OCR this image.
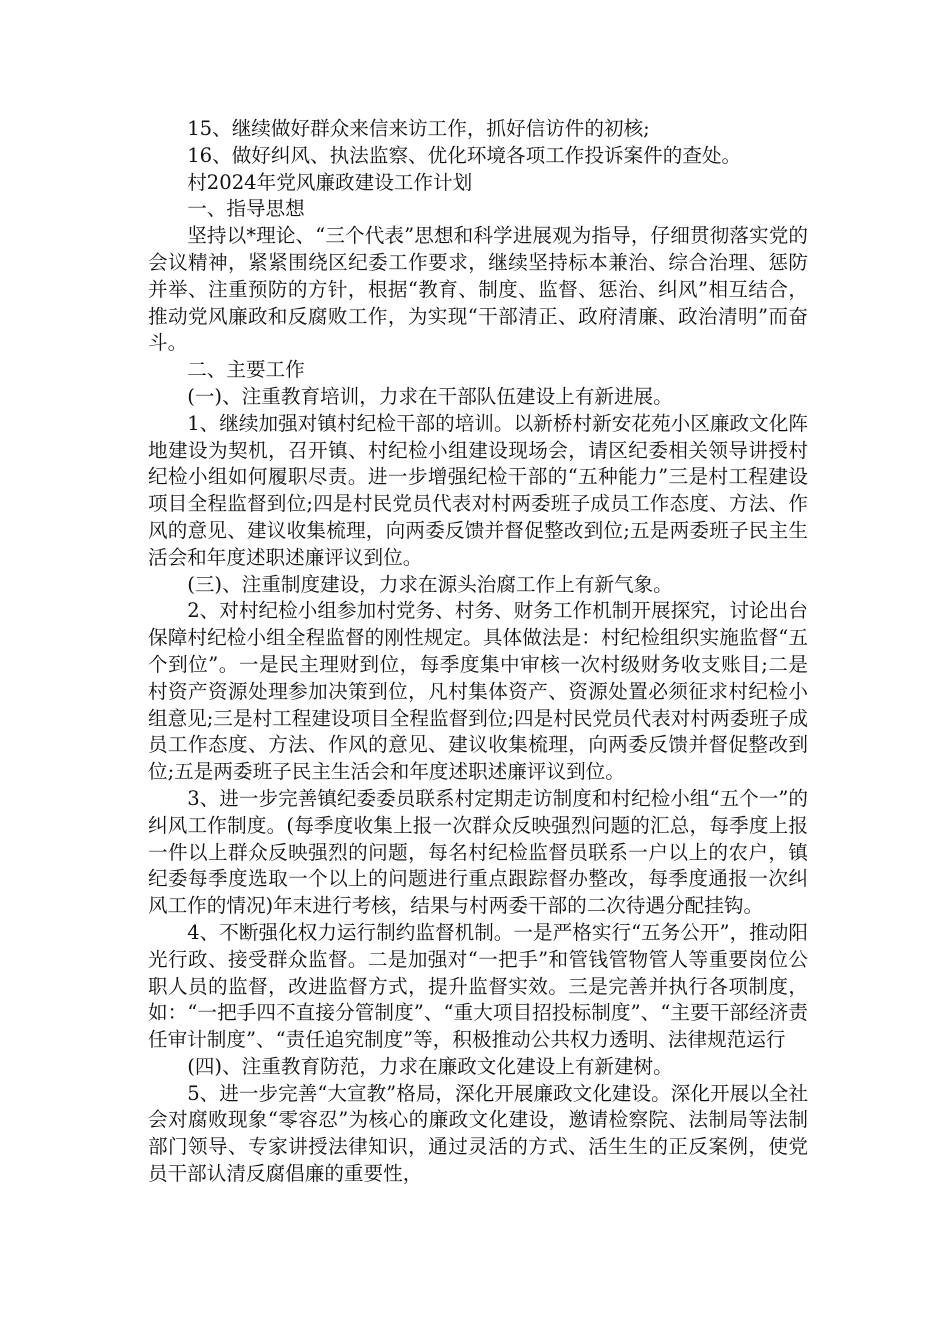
15、继续做好群众来信来访工作，抓好信访件的初核;

16、做好纠风、执法监察、优化环境各项工作投诉案件的查处。

村2024年党风廉政建设工作计划

一、指导思想

坚持以*理论、“三个代表”思想和科学进展观为指导，仔细贯彻落实党的会议精神，紧紧围绕区纪委工作要求，继续坚持标本兼治、综合治理、惩防并举、注重预防的方针，根据“教育、制度、监督、惩治、纠风”相互结合，推动党风廉政和反腐败工作，为实现“干部清正、政府清廉、政治清明”而奋斗。

二、主要工作

(一)、注重教育培训，力求在干部队伍建设上有新进展。

1、继续加强对镇村纪检干部的培训。以新桥村新安花苑小区廉政文化阵地建设为契机，召开镇、村纪检小组建设现场会，请区纪委相关领导讲授村纪检小组如何履职尽责。进一步增强纪检干部的“五种能力”三是村工程建设项目全程监督到位;四是村民党员代表对村两委班子成员工作态度、方法、作风的意见、建议收集梳理，向两委反馈并督促整改到位;五是两委班子民主生活会和年度述职述廉评议到位。

(三)、注重制度建设，力求在源头治腐工作上有新气象。

2、对村纪检小组参加村党务、村务、财务工作机制开展探究，讨论出台保障村纪检小组全程监督的刚性规定。具体做法是：村纪检组织实施监督“五个到位”。一是民主理财到位，每季度集中审核一次村级财务收支账目;二是村资产资源处理参加决策到位，凡村集体资产、资源处置必须征求村纪检小组意见;三是村工程建设项目全程监督到位;四是村民党员代表对村两委班子成员工作态度、方法、作风的意见、建议收集梳理，向两委反馈并督促整改到位;五是两委班子民主生活会和年度述职述廉评议到位。

3、进一步完善镇纪委委员联系村定期走访制度和村纪检小组“五个一”的纠风工作制度。(每季度收集上报一次群众反映强烈问题的汇总，每季度上报一件以上群众反映强烈的问题，每名村纪检监督员联系一户以上的农户，镇纪委每季度选取一个以上的问题进行重点跟踪督办整改，每季度通报一次纠风工作的情况)年末进行考核，结果与村两委干部的二次待遇分配挂钩。

4、不断强化权力运行制约监督机制。一是严格实行“五务公开”，推动阳光行政、接受群众监督。二是加强对“一把手”和管钱管物管人等重要岗位公职人员的监督，改进监督方式，提升监督实效。三是完善并执行各项制度，如：“一把手四不直接分管制度”、“重大项目招投标制度”、“主要干部经济责任审计制度”、“责任追究制度”等，积极推动公共权力透明、法律规范运行

(四)、注重教育防范，力求在廉政文化建设上有新建树。

5、进一步完善“大宣教”格局，深化开展廉政文化建设。深化开展以全社会对腐败现象“零容忍”为核心的廉政文化建设，邀请检察院、法制局等法制部门领导、专家讲授法律知识，通过灵活的方式、活生生的正反案例，使党员干部认清反腐倡廉的重要性，
